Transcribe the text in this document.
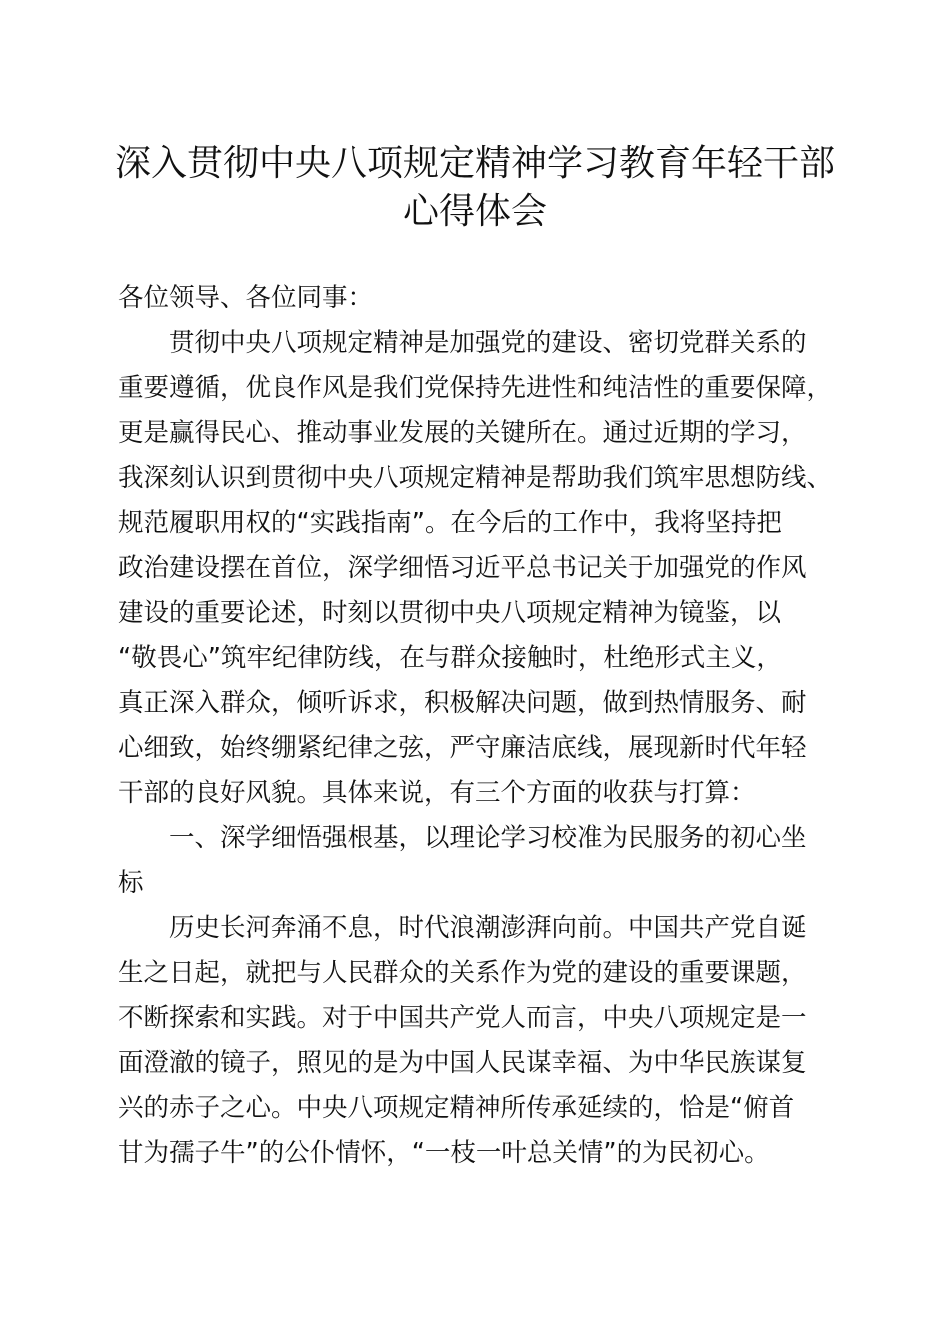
深入贯彻中央八项规定精神学习教育年轻干部
心得体会
各位领导、各位同事：
贯彻中央八项规定精神是加强党的建设、密切党群关系的
重要遵循，优良作风是我们党保持先进性和纯洁性的重要保障，
更是赢得民心、推动事业发展的关键所在。通过近期的学习，
我深刻认识到贯彻中央八项规定精神是帮助我们筑牢思想防线、
规范履职用权的“实践指南”。在今后的工作中，我将坚持把
政治建设摆在首位，深学细悟习近平总书记关于加强党的作风
建设的重要论述，时刻以贯彻中央八项规定精神为镜鉴，以
“敬畏心”筑牢纪律防线，在与群众接触时，杜绝形式主义，
真正深入群众，倾听诉求，积极解决问题，做到热情服务、耐
心细致，始终绷紧纪律之弦，严守廉洁底线，展现新时代年轻
干部的良好风貌。具体来说，有三个方面的收获与打算：
一、深学细悟强根基，以理论学习校准为民服务的初心坐
标
历史长河奔涌不息，时代浪潮澎湃向前。中国共产党自诞
生之日起，就把与人民群众的关系作为党的建设的重要课题，
不断探索和实践。对于中国共产党人而言，中央八项规定是一
面澄澈的镜子，照见的是为中国人民谋幸福、为中华民族谋复
兴的赤子之心。中央八项规定精神所传承延续的，恰是“俯首
甘为孺子牛”的公仆情怀，“一枝一叶总关情”的为民初心。
